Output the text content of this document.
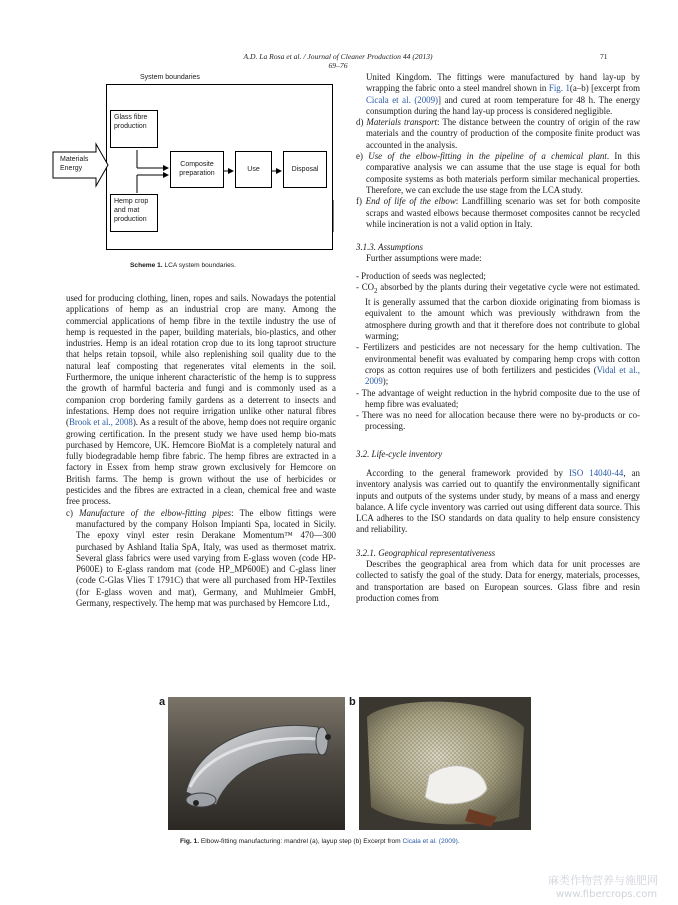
A.D. La Rosa et al. / Journal of Cleaner Production 44 (2013) 69–76
71
System boundaries
Materials
Energy
Glass fibre
production
Hemp crop
and mat
production
Composite
preparation
Use	Disposal
Scheme 1. LCA system boundaries.

used for producing clothing, linen, ropes and sails. Nowadays the potential applications of hemp as an industrial crop are many. Among the commercial applications of hemp fibre in the textile industry the use of hemp is requested in the paper, building materials, bio-plastics, and other industries. Hemp is an ideal rotation crop due to its long taproot structure that helps retain topsoil, while also replenishing soil quality due to the natural leaf composting that regenerates vital elements in the soil. Furthermore, the unique inherent characteristic of the hemp is to suppress the growth of harmful bacteria and fungi and is commonly used as a companion crop bordering family gardens as a deterrent to insects and infestations. Hemp does not require irrigation unlike other natural fibres (Brook et al., 2008). As a result of the above, hemp does not require organic growing certification. In the present study we have used hemp bio-mats purchased by Hemcore, UK. Hemcore BioMat is a completely natural and fully biodegradable hemp fibre fabric. The hemp fibres are extracted in a factory in Essex from hemp straw grown exclusively for Hemcore on British farms. The hemp is grown without the use of herbicides or pesticides and the fibres are extracted in a clean, chemical free and waste free process.

c) Manufacture of the elbow-fitting pipes: The elbow fittings were manufactured by the company Holson Impianti Spa, located in Sicily. The epoxy vinyl ester resin Derakane Momentum™ 470—300 purchased by Ashland Italia SpA, Italy, was used as thermoset matrix. Several glass fabrics were used varying from E-glass woven (code HP-P600E) to E-glass random mat (code HP_MP600E) and C-glass liner (code C-Glas Vlies T 1791C) that were all purchased from HP-Textiles (for E-glass woven and mat), Germany, and Muhlmeier GmbH, Germany, respectively. The hemp mat was purchased by Hemcore Ltd.,

United Kingdom. The fittings were manufactured by hand lay-up by wrapping the fabric onto a steel mandrel shown in Fig. 1(a–b) [excerpt from Cicala et al. (2009)] and cured at room temperature for 48 h. The energy consumption during the hand lay-up process is considered negligible.

d) Materials transport: The distance between the country of origin of the raw materials and the country of production of the composite finite product was accounted in the analysis.

e) Use of the elbow-fitting in the pipeline of a chemical plant. In this comparative analysis we can assume that the use stage is equal for both composite systems as both materials perform similar mechanical properties. Therefore, we can exclude the use stage from the LCA study.

f) End of life of the elbow: Landfilling scenario was set for both composite scraps and wasted elbows because thermoset composites cannot be recycled while incineration is not a valid option in Italy.

3.1.3. Assumptions

Further assumptions were made:

- Production of seeds was neglected;

- $CO_2$ absorbed by the plants during their vegetative cycle were not estimated. It is generally assumed that the carbon dioxide originating from biomass is equivalent to the amount which was previously withdrawn from the atmosphere during growth and that it therefore does not contribute to global warming;

- Fertilizers and pesticides are not necessary for the hemp cultivation. The environmental benefit was evaluated by comparing hemp crops with cotton crops as cotton requires use of both fertilizers and pesticides (Vidal et al., 2009);

- The advantage of weight reduction in the hybrid composite due to the use of hemp fibre was evaluated;

- There was no need for allocation because there were no by-products or co-processing.

3.2. Life-cycle inventory

According to the general framework provided by ISO 14040-44, an inventory analysis was carried out to quantify the environmentally significant inputs and outputs of the systems under study, by means of a mass and energy balance. A life cycle inventory was carried out using different data source. This LCA adheres to the ISO standards on data quality to help ensure consistency and reliability.

3.2.1. Geographical representativeness

Describes the geographical area from which data for unit processes are collected to satisfy the goal of the study. Data for energy, materials, processes, and transportation are based on European sources. Glass fibre and resin production comes from

a	b
Fig. 1. Elbow-fitting manufacturing: mandrel (a), layup step (b) Excerpt from Cicala et al. (2009).
麻类作物营养与施肥网
www.fibercrops.com
